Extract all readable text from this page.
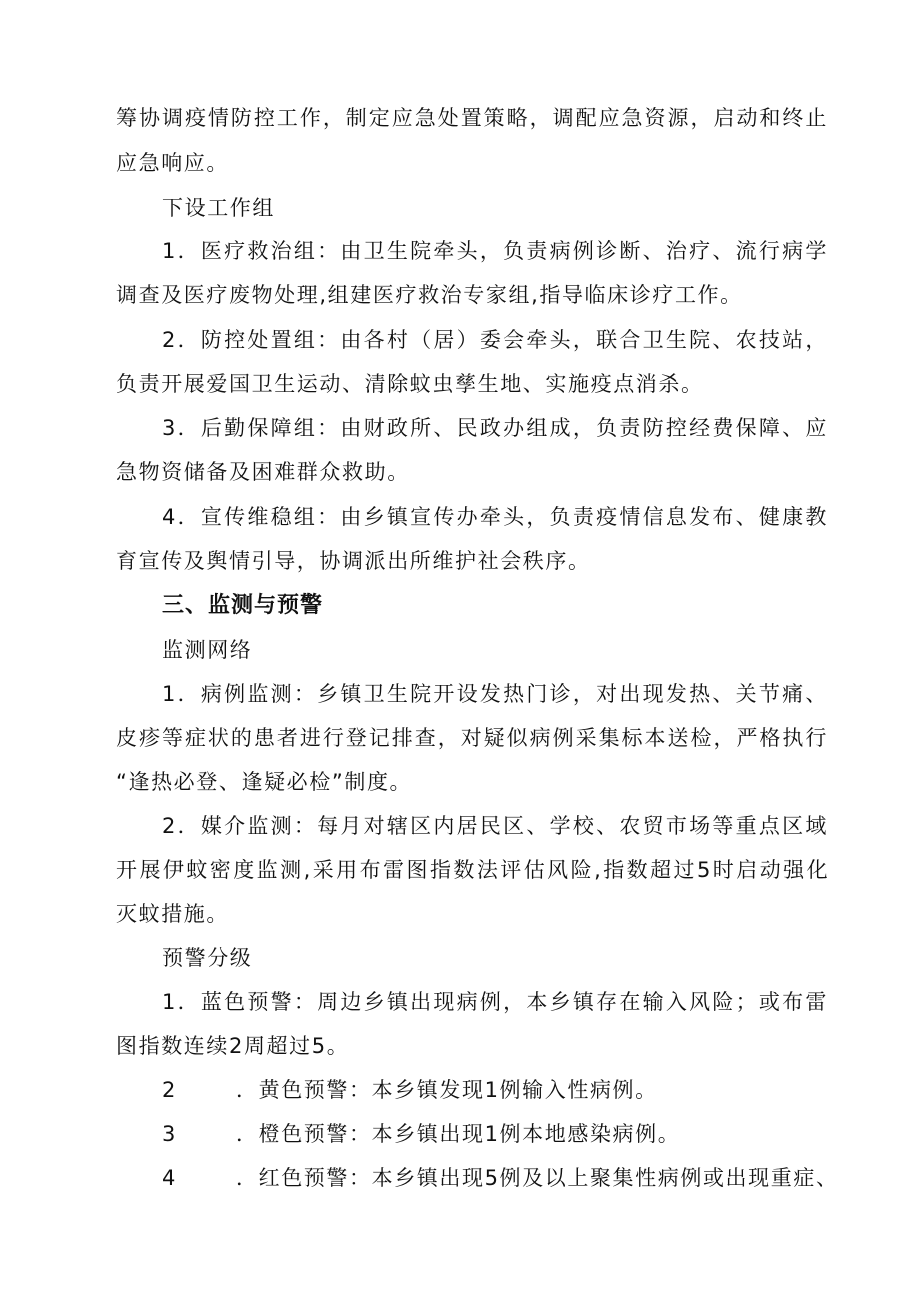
筹协调疫情防控工作，制定应急处置策略，调配应急资源，启动和终止

应急响应。

下设工作组

1．医疗救治组：由卫生院牵头，负责病例诊断、治疗、流行病学

调查及医疗废物处理,组建医疗救治专家组,指导临床诊疗工作。

2．防控处置组：由各村（居）委会牵头，联合卫生院、农技站，

负责开展爱国卫生运动、清除蚊虫孳生地、实施疫点消杀。

3．后勤保障组：由财政所、民政办组成，负责防控经费保障、应

急物资储备及困难群众救助。

4．宣传维稳组：由乡镇宣传办牵头，负责疫情信息发布、健康教

育宣传及舆情引导，协调派出所维护社会秩序。

三、监测与预警

监测网络

1．病例监测：乡镇卫生院开设发热门诊，对出现发热、关节痛、

皮疹等症状的患者进行登记排查，对疑似病例采集标本送检，严格执行

“逢热必登、逢疑必检”制度。

2．媒介监测：每月对辖区内居民区、学校、农贸市场等重点区域

开展伊蚊密度监测,采用布雷图指数法评估风险,指数超过5时启动强化

灭蚊措施。

预警分级

1．蓝色预警：周边乡镇出现病例，本乡镇存在输入风险；或布雷

图指数连续2周超过5。

2	．黄色预警：本乡镇发现1例输入性病例。

3	．橙色预警：本乡镇出现1例本地感染病例。

4	．红色预警：本乡镇出现5例及以上聚集性病例或出现重症、
